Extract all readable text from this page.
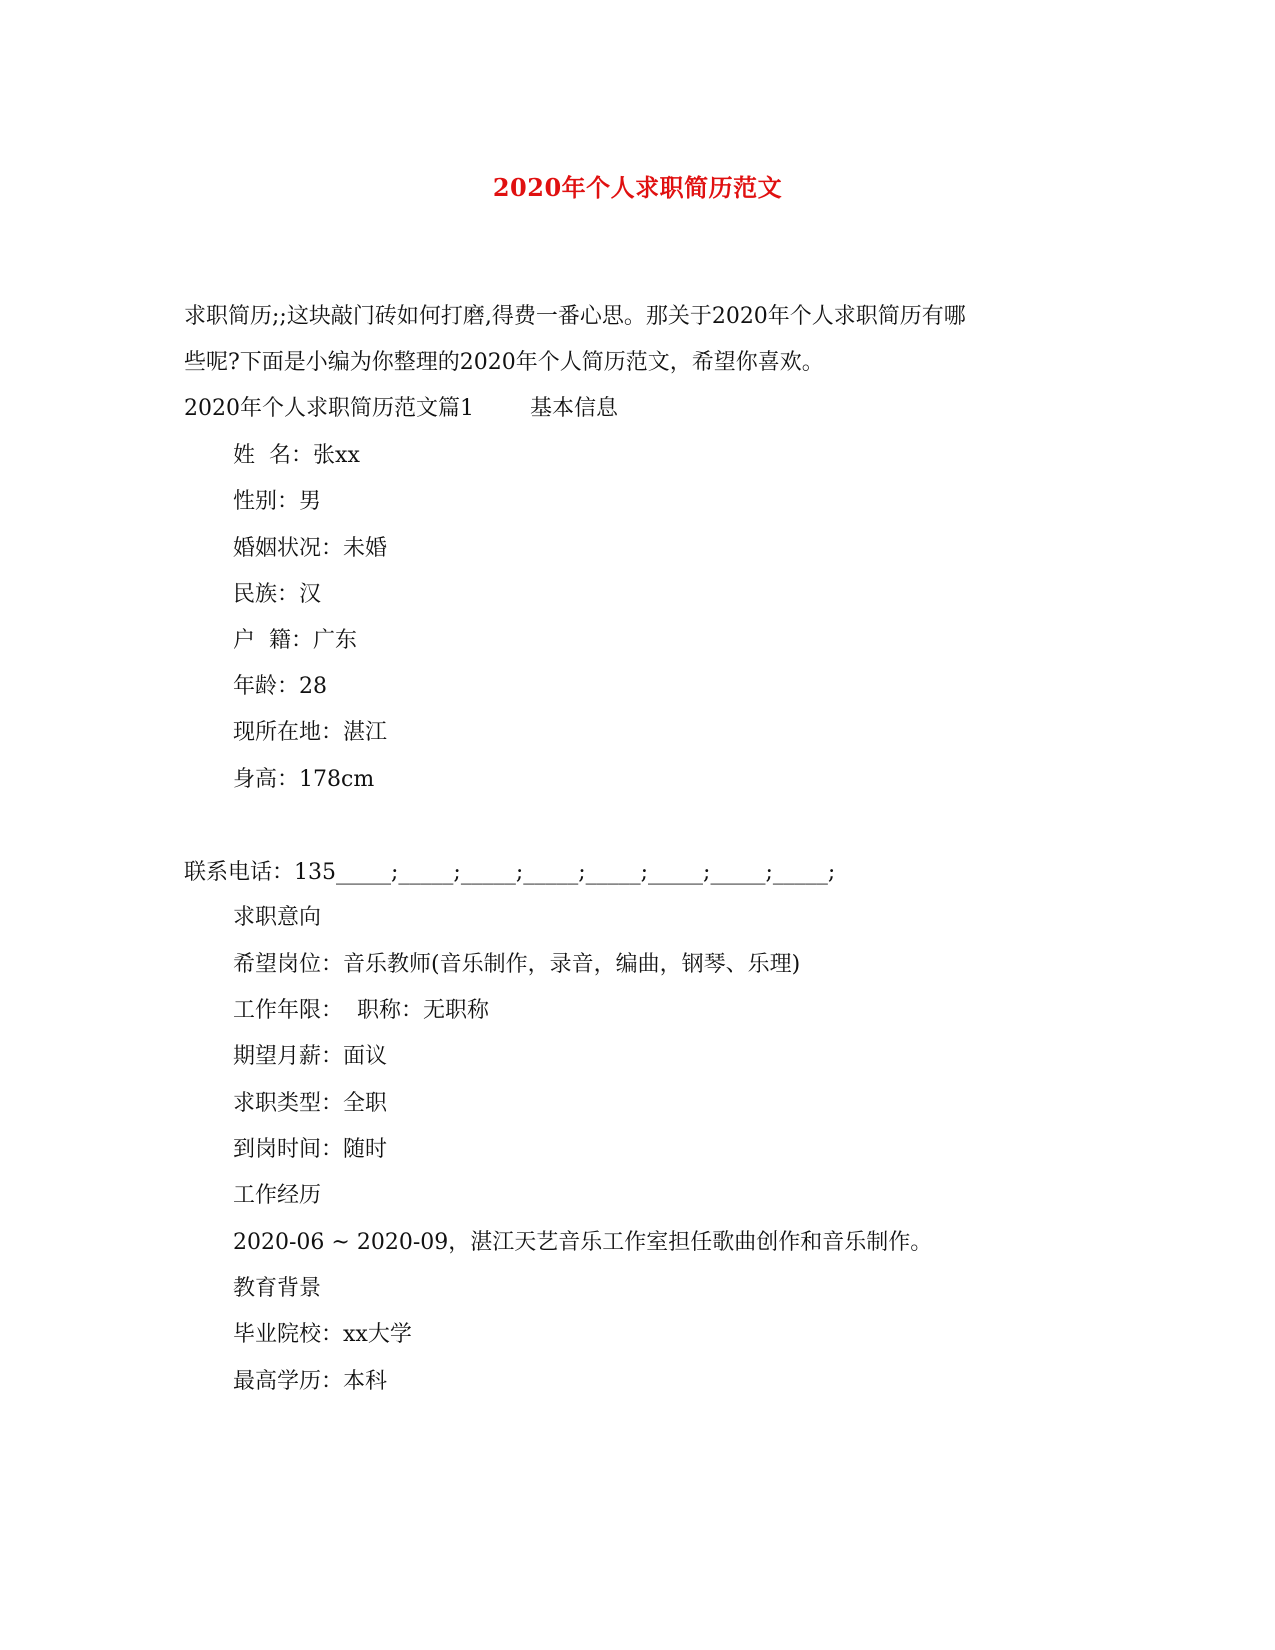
2020年个人求职简历范文
求职简历;;这块敲门砖如何打磨,得费一番心思。那关于2020年个人求职简历有哪
些呢?下面是小编为你整理的2020年个人简历范文，希望你喜欢。
2020年个人求职简历范文篇1	基本信息
姓 名：张xx
性别：男
婚姻状况：未婚
民族：汉
户 籍：广东
年龄：28
现所在地：湛江
身高：178cm
联系电话：135_____;_____;_____;_____;_____;_____;_____;_____;
求职意向
希望岗位：音乐教师(音乐制作，录音，编曲，钢琴、乐理)
工作年限： 职称：无职称
期望月薪：面议
求职类型：全职
到岗时间：随时
工作经历
2020-06 ~ 2020-09，湛江天艺音乐工作室担任歌曲创作和音乐制作。
教育背景
毕业院校：xx大学
最高学历：本科
